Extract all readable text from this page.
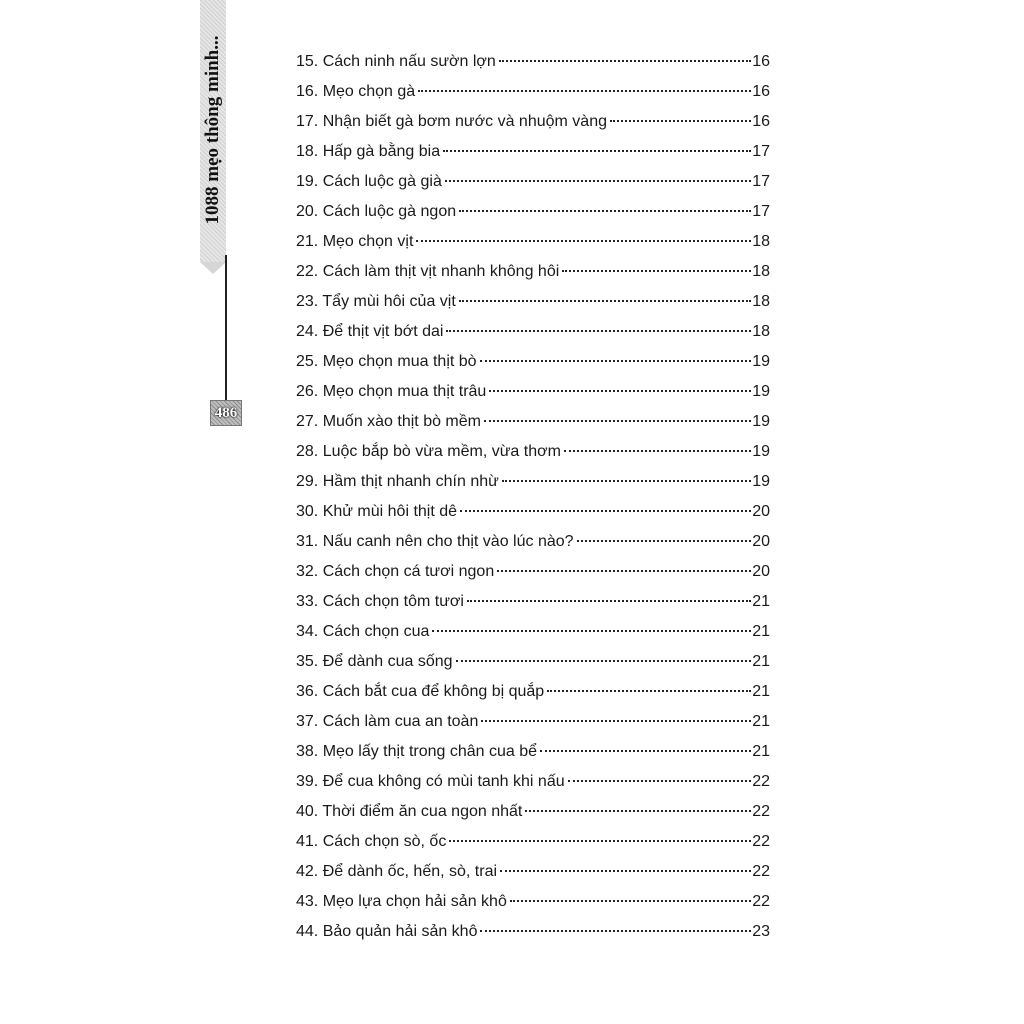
1088 mẹo thông minh...
486
15. Cách ninh nấu sườn lợn	16
16. Mẹo chọn gà	16
17. Nhận biết gà bơm nước và nhuộm vàng	16
18. Hấp gà bằng bia	17
19. Cách luộc gà già	17
20. Cách luộc gà ngon	17
21. Mẹo chọn vịt	18
22. Cách làm thịt vịt nhanh không hôi	18
23. Tẩy mùi hôi của vịt	18
24. Để thịt vịt bớt dai	18
25. Mẹo chọn mua thịt bò	19
26. Mẹo chọn mua thịt trâu	19
27. Muốn xào thịt bò mềm	19
28. Luộc bắp bò vừa mềm, vừa thơm	19
29. Hầm thịt nhanh chín nhừ	19
30. Khử mùi hôi thịt dê	20
31. Nấu canh nên cho thịt vào lúc nào?	20
32. Cách chọn cá tươi ngon	20
33. Cách chọn tôm tươi	21
34. Cách chọn cua	21
35. Để dành cua sống	21
36. Cách bắt cua để không bị quắp	21
37. Cách làm cua an toàn	21
38. Mẹo lấy thịt trong chân cua bể	21
39. Để cua không có mùi tanh khi nấu	22
40. Thời điểm ăn cua ngon nhất	22
41. Cách chọn sò, ốc	22
42. Để dành ốc, hến, sò, trai	22
43. Mẹo lựa chọn hải sản khô	22
44. Bảo quản hải sản khô	23
